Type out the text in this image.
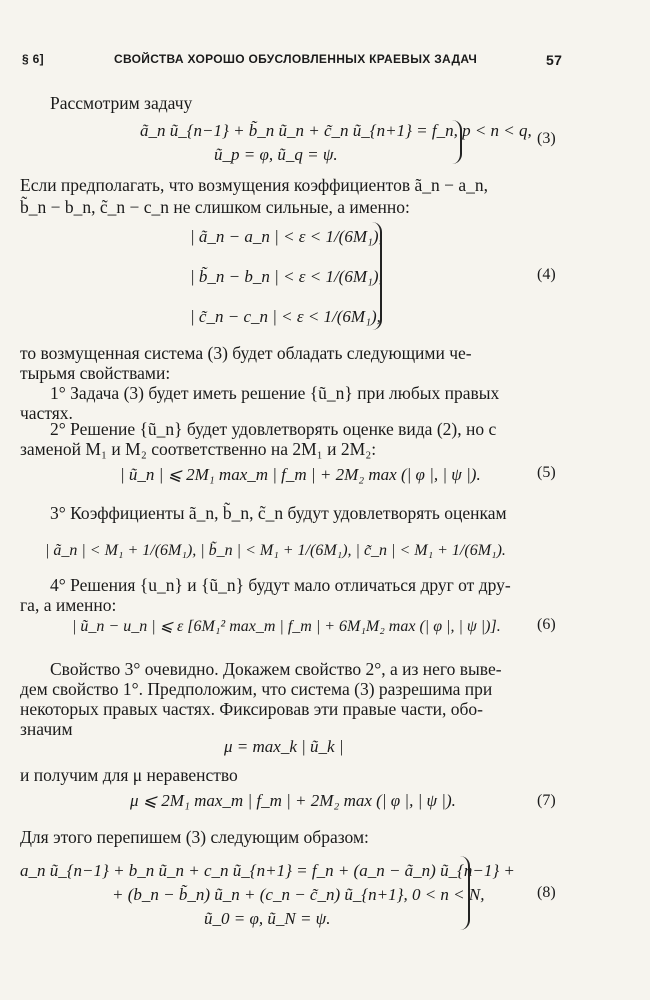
§ 6]	СВОЙСТВА ХОРОШО ОБУСЛОВЛЕННЫХ КРАЕВЫХ ЗАДАЧ	57
Рассмотрим задачу
ã_n ũ_{n−1} + b̃_n ũ_n + c̃_n ũ_{n+1} = f_n, p < n < q,
ũ_p = φ, ũ_q = ψ.
(3)
Если предполагать, что возмущения коэффициентов ã_n − a_n,
b̃_n − b_n, c̃_n − c_n не слишком сильные, а именно:
| ã_n − a_n | < ε < 1/(6M₁),
| b̃_n − b_n | < ε < 1/(6M₁),
| c̃_n − c_n | < ε < 1/(6M₁),
(4)
то возмущенная система (3) будет обладать следующими че-
тырьмя свойствами:
1° Задача (3) будет иметь решение {ũ_n} при любых правых
частях.
2° Решение {ũ_n} будет удовлетворять оценке вида (2), но с
заменой M₁ и M₂ соответственно на 2M₁ и 2M₂:
| ũ_n | ⩽ 2M₁ max_m | f_m | + 2M₂ max (| φ |, | ψ |).	(5)
3° Коэффициенты ã_n, b̃_n, c̃_n будут удовлетворять оценкам
| ã_n | < M₁ + 1/(6M₁), | b̃_n | < M₁ + 1/(6M₁), | c̃_n | < M₁ + 1/(6M₁).
4° Решения {u_n} и {ũ_n} будут мало отличаться друг от дру-
га, а именно:
| ũ_n − u_n | ⩽ ε [6M₁² max_m | f_m | + 6M₁M₂ max (| φ |, | ψ |)]. (6)
Свойство 3° очевидно. Докажем свойство 2°, а из него выве-
дем свойство 1°. Предположим, что система (3) разрешима при
некоторых правых частях. Фиксировав эти правые части, обо-
значим
μ = max_k | ũ_k |
и получим для μ неравенство
μ ⩽ 2M₁ max_m | f_m | + 2M₂ max (| φ |, | ψ |).	(7)
Для этого перепишем (3) следующим образом:
a_n ũ_{n−1} + b_n ũ_n + c_n ũ_{n+1} = f_n + (a_n − ã_n) ũ_{n−1} +
+ (b_n − b̃_n) ũ_n + (c_n − c̃_n) ũ_{n+1}, 0 < n < N,
ũ_0 = φ, ũ_N = ψ.
(8)
